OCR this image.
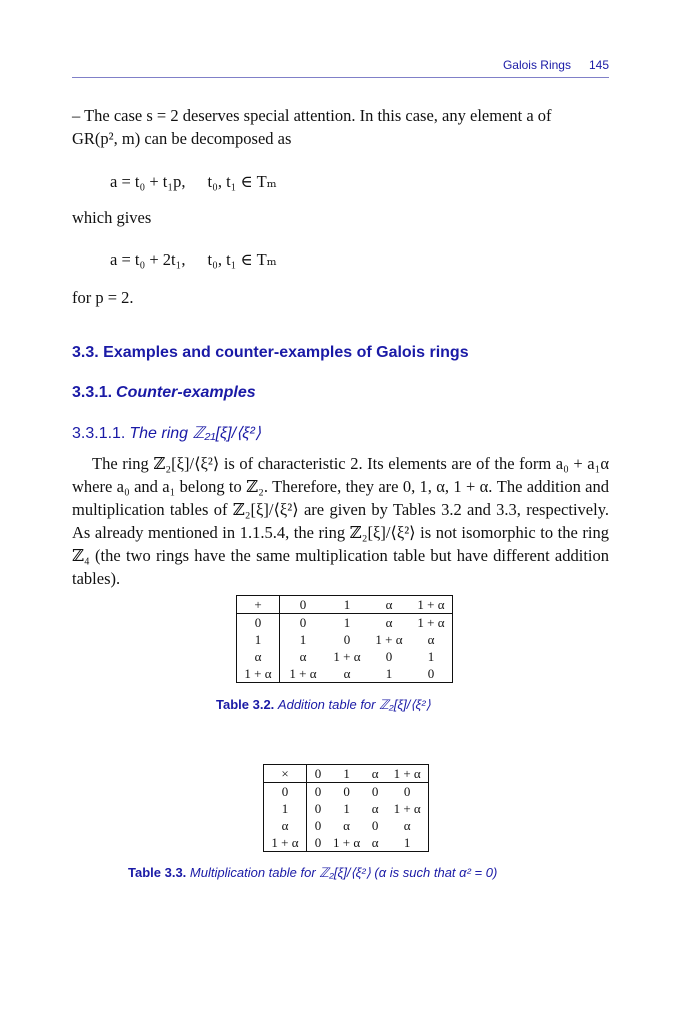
Galois Rings 145
– The case s = 2 deserves special attention. In this case, any element a of
GR(p², m) can be decomposed as
a = t₀ + t₁p, t₀, t₁ ∈ Tₘ
which gives
a = t₀ + 2t₁, t₀, t₁ ∈ Tₘ
for p = 2.
3.3. Examples and counter-examples of Galois rings
3.3.1. Counter-examples
3.3.1.1. The ring ℤ₂₁[ξ]/⟨ξ²⟩
The ring ℤ₂[ξ]/⟨ξ²⟩ is of characteristic 2. Its elements are of the form a₀ + a₁α where a₀ and a₁ belong to ℤ₂. Therefore, they are 0, 1, α, 1 + α. The addition and multiplication tables of ℤ₂[ξ]/⟨ξ²⟩ are given by Tables 3.2 and 3.3, respectively. As already mentioned in 1.1.5.4, the ring ℤ₂[ξ]/⟨ξ²⟩ is not isomorphic to the ring ℤ₄ (the two rings have the same multiplication table but have different addition tables).
+	0	1	α	1 + α
0	0	1	α	1 + α
1	1	0	1 + α	α
α	α	1 + α	0	1
1 + α	1 + α	α	1	0
Table 3.2. Addition table for ℤ₂[ξ]/⟨ξ²⟩
×	0	1	α	1 + α
0	0	0	0	0
1	0	1	α	1 + α
α	0	α	0	α
1 + α	0	1 + α	α	1
Table 3.3. Multiplication table for ℤ₂[ξ]/⟨ξ²⟩ (α is such that α² = 0)
